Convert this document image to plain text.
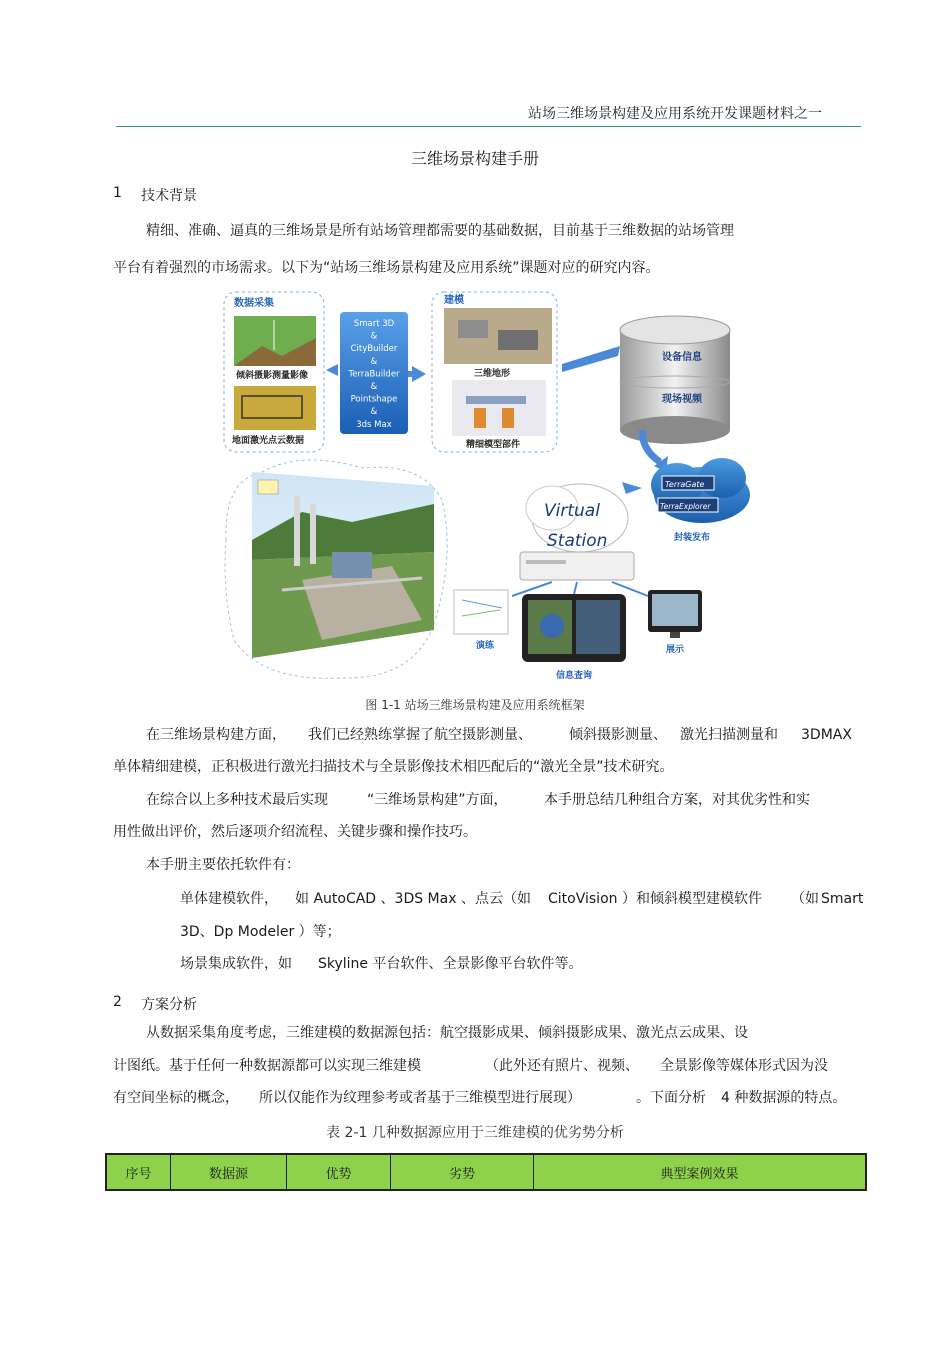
站场三维场景构建及应用系统开发课题材料之一
三维场景构建手册
1 技术背景
精细、准确、逼真的三维场景是所有站场管理都需要的基础数据，目前基于三维数据的站场管理
平台有着强烈的市场需求。以下为“站场三维场景构建及应用系统”课题对应的研究内容。
数据采集
倾斜摄影测量影像
地面激光点云数据
Smart 3D
&
CityBuilder
&
TerraBuilder
&
Pointshape
&
3ds Max
建模
三维地形
精细模型部件
设备信息
现场视频
TerraGate
TerraExplorer
封装发布
Virtual
Station
演练
信息查询
展示
图 1-1 站场三维场景构建及应用系统框架
在三维场景构建方面， 我们已经熟练掌握了航空摄影测量、	倾斜摄影测量、 激光扫描测量和 3DMAX
单体精细建模，正积极进行激光扫描技术与全景影像技术相匹配后的“激光全景”技术研究。
在综合以上多种技术最后实现	“三维场景构建”方面，	本手册总结几种组合方案，对其优劣性和实
用性做出评价，然后逐项介绍流程、关键步骤和操作技巧。
本手册主要依托软件有：
单体建模软件， 如 AutoCAD 、3DS Max 、点云（如 CitoVision ）和倾斜模型建模软件 （如 Smart
3D、Dp Modeler ）等；
场景集成软件，如 Skyline 平台软件、全景影像平台软件等。
2 方案分析
从数据采集角度考虑，三维建模的数据源包括：航空摄影成果、倾斜摄影成果、激光点云成果、设
计图纸。基于任何一种数据源都可以实现三维建模	（此外还有照片、视频、 全景影像等媒体形式因为没
有空间坐标的概念， 所以仅能作为纹理参考或者基于三维模型进行展现）	。下面分析 4 种数据源的特点。
表 2-1 几种数据源应用于三维建模的优劣势分析
序号	数据源	优势	劣势	典型案例效果
